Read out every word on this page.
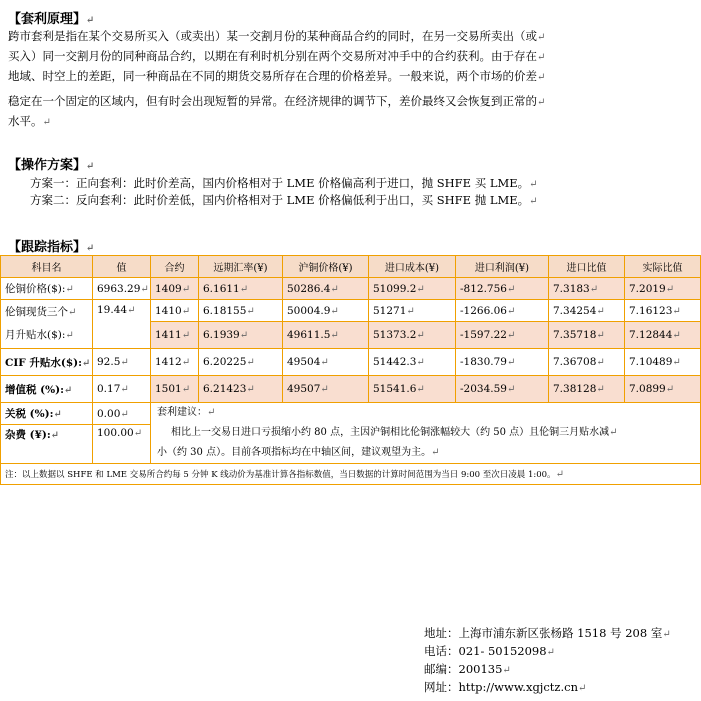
【套利原理】↵
跨市套利是指在某个交易所买入（或卖出）某一交割月份的某种商品合约的同时，在另一交易所卖出（或↵
买入）同一交割月份的同种商品合约，以期在有利时机分别在两个交易所对冲手中的合约获利。由于存在↵
地域、时空上的差距，同一种商品在不同的期货交易所存在合理的价格差异。一般来说，两个市场的价差↵
稳定在一个固定的区域内，但有时会出现短暂的异常。在经济规律的调节下，差价最终又会恢复到正常的↵
水平。↵
【操作方案】↵
方案一：正向套利：此时价差高，国内价格相对于 LME 价格偏高利于进口，抛 SHFE 买 LME。↵
方案二：反向套利：此时价差低，国内价格相对于 LME 价格偏低利于出口，买 SHFE 抛 LME。↵
【跟踪指标】↵
科目名	值	合约	远期汇率(¥)	沪铜价格(¥)	进口成本(¥)	进口利润(¥)	进口比值	实际比值
伦铜价格($):↵	6963.29↵	1409↵	6.1611↵	50286.4↵	51099.2↵	-812.756↵	7.3183↵	7.2019↵
伦铜现货三个↵
月升贴水($):↵	19.44↵	1410↵	6.18155↵	50004.9↵	51271↵	-1266.06↵	7.34254↵	7.16123↵
		1411↵	6.1939↵	49611.5↵	51373.2↵	-1597.22↵	7.35718↵	7.12844↵
CIF 升贴水($):↵	92.5↵	1412↵	6.20225↵	49504↵	51442.3↵	-1830.79↵	7.36708↵	7.10489↵
增值税 (%):↵	0.17↵	1501↵	6.21423↵	49507↵	51541.6↵	-2034.59↵	7.38128↵	7.0899↵
关税 (%):↵	0.00↵	套利建议：↵
相比上一交易日进口亏损缩小约 80 点，主因沪铜相比伦铜涨幅较大（约 50 点）且伦铜三月贴水减↵
小（约 30 点）。目前各项指标均在中轴区间，建议观望为主。↵						

杂费 (¥):↵	100.00↵							

注：以上数据以 SHFE 和 LME 交易所合约每 5 分钟 K 线动价为基准计算各指标数值，当日数据的计算时间范围为当日 9:00 至次日凌晨 1:00。↵								
地址：上海市浦东新区张杨路 1518 号 208 室↵
电话：021- 50152098↵
邮编：200135↵
网址：http://www.xgjctz.cn↵
